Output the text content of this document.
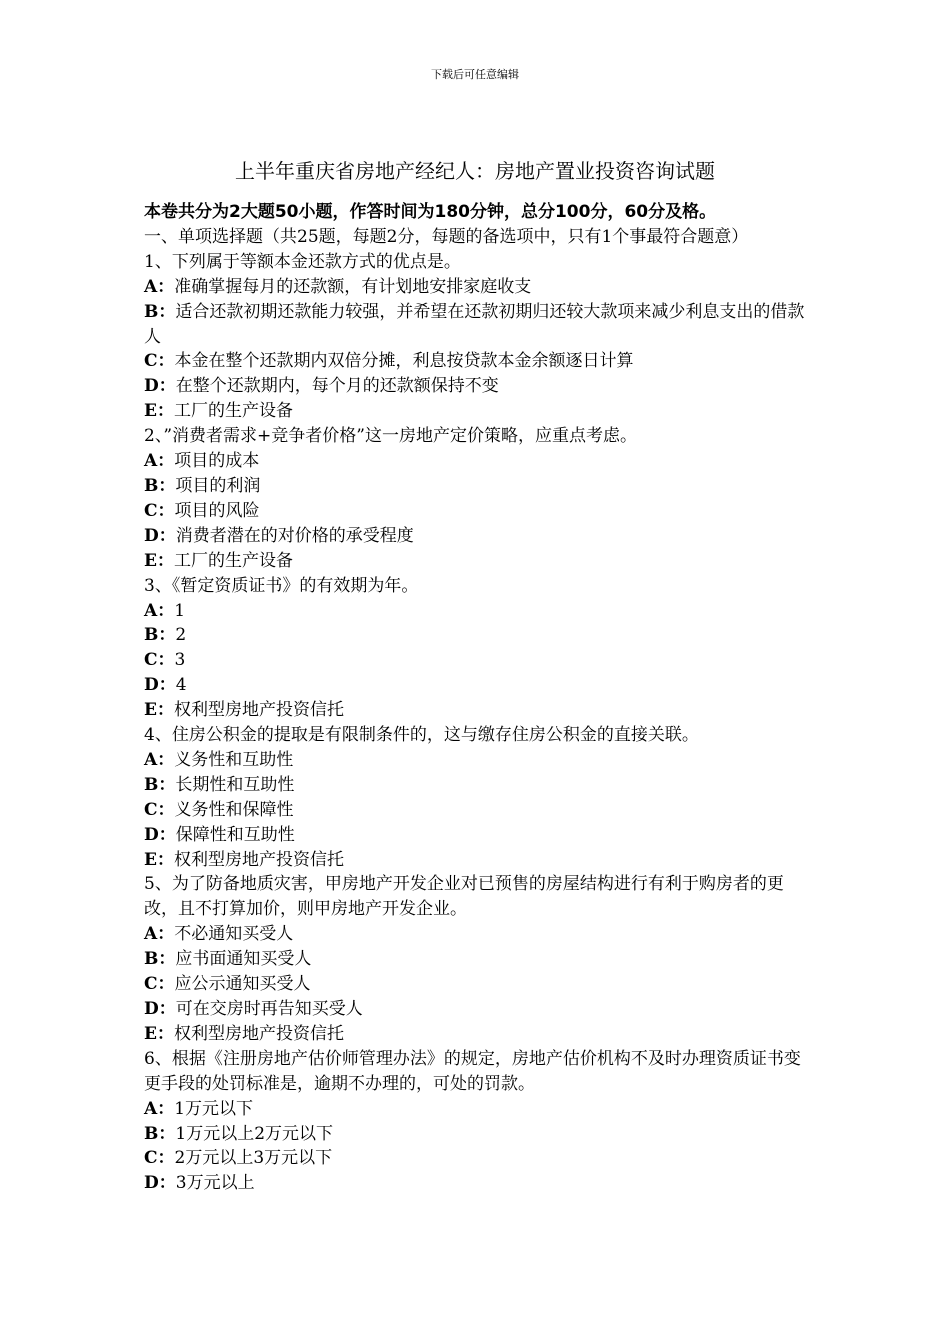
下载后可任意编辑
上半年重庆省房地产经纪人：房地产置业投资咨询试题

本卷共分为2大题50小题，作答时间为180分钟，总分100分，60分及格。

一、单项选择题（共25题，每题2分，每题的备选项中，只有1个事最符合题意）

1、下列属于等额本金还款方式的优点是。

A：准确掌握每月的还款额，有计划地安排家庭收支

B：适合还款初期还款能力较强，并希望在还款初期归还较大款项来减少利息支出的借款人

C：本金在整个还款期内双倍分摊，利息按贷款本金余额逐日计算

D：在整个还款期内，每个月的还款额保持不变

E：工厂的生产设备

2、”消费者需求+竞争者价格”这一房地产定价策略，应重点考虑。

A：项目的成本

B：项目的利润

C：项目的风险

D：消费者潜在的对价格的承受程度

E：工厂的生产设备

3、《暂定资质证书》的有效期为年。

A：1

B：2

C：3

D：4

E：权利型房地产投资信托

4、住房公积金的提取是有限制条件的，这与缴存住房公积金的直接关联。

A：义务性和互助性

B：长期性和互助性

C：义务性和保障性

D：保障性和互助性

E：权利型房地产投资信托

5、为了防备地质灾害，甲房地产开发企业对已预售的房屋结构进行有利于购房者的更改，且不打算加价，则甲房地产开发企业。

A：不必通知买受人

B：应书面通知买受人

C：应公示通知买受人

D：可在交房时再告知买受人

E：权利型房地产投资信托

6、根据《注册房地产估价师管理办法》的规定，房地产估价机构不及时办理资质证书变更手段的处罚标准是，逾期不办理的，可处的罚款。

A：1万元以下

B：1万元以上2万元以下

C：2万元以上3万元以下

D：3万元以上
